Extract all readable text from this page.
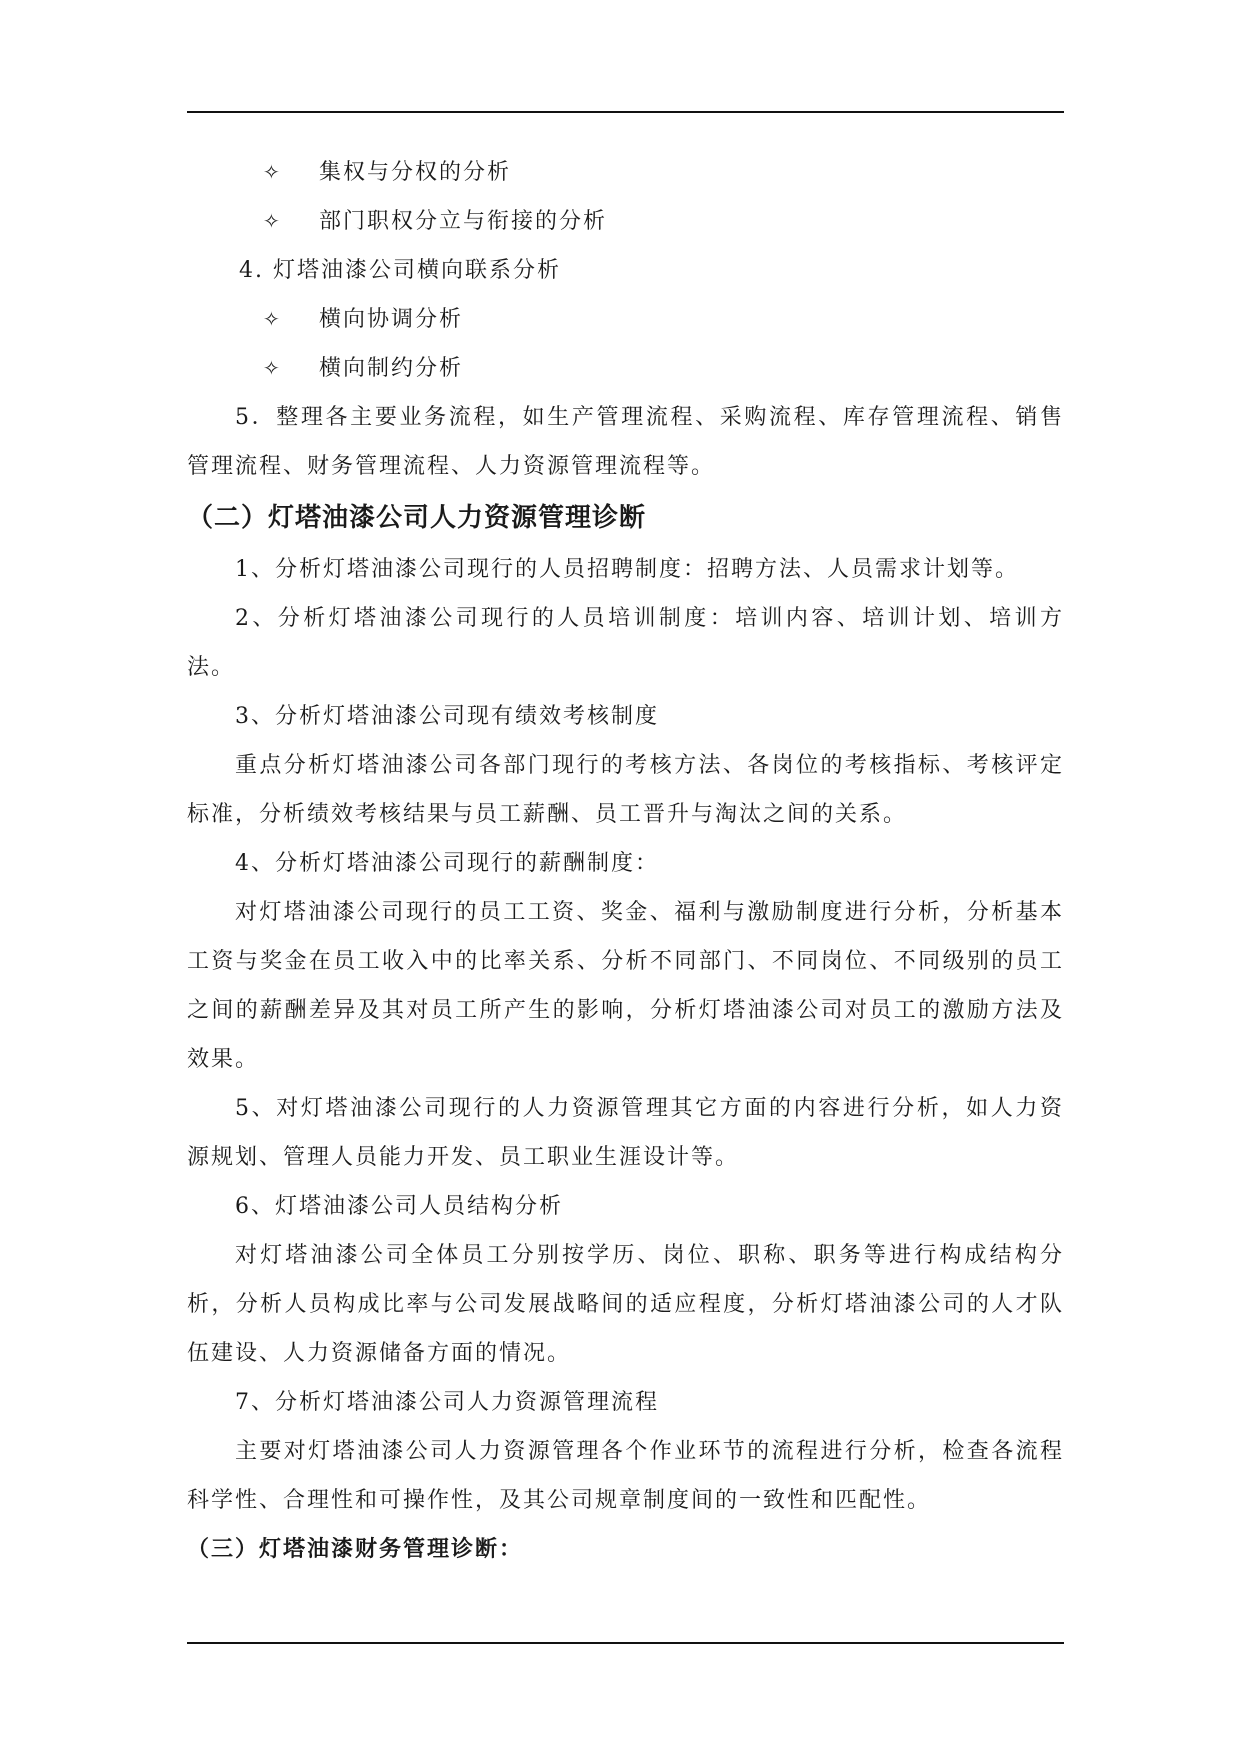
✧	集权与分权的分析
✧	部门职权分立与衔接的分析
4. 灯塔油漆公司横向联系分析
✧	横向协调分析
✧	横向制约分析

5．整理各主要业务流程，如生产管理流程、采购流程、库存管理流程、销售管理流程、财务管理流程、人力资源管理流程等。

（二）灯塔油漆公司人力资源管理诊断
1、分析灯塔油漆公司现行的人员招聘制度：招聘方法、人员需求计划等。

2、分析灯塔油漆公司现行的人员培训制度：培训内容、培训计划、培训方法。

3、分析灯塔油漆公司现有绩效考核制度

重点分析灯塔油漆公司各部门现行的考核方法、各岗位的考核指标、考核评定标准，分析绩效考核结果与员工薪酬、员工晋升与淘汰之间的关系。

4、分析灯塔油漆公司现行的薪酬制度：

对灯塔油漆公司现行的员工工资、奖金、福利与激励制度进行分析，分析基本工资与奖金在员工收入中的比率关系、分析不同部门、不同岗位、不同级别的员工之间的薪酬差异及其对员工所产生的影响，分析灯塔油漆公司对员工的激励方法及效果。

5、对灯塔油漆公司现行的人力资源管理其它方面的内容进行分析，如人力资源规划、管理人员能力开发、员工职业生涯设计等。

6、灯塔油漆公司人员结构分析

对灯塔油漆公司全体员工分别按学历、岗位、职称、职务等进行构成结构分析，分析人员构成比率与公司发展战略间的适应程度，分析灯塔油漆公司的人才队伍建设、人力资源储备方面的情况。

7、分析灯塔油漆公司人力资源管理流程

主要对灯塔油漆公司人力资源管理各个作业环节的流程进行分析，检查各流程科学性、合理性和可操作性，及其公司规章制度间的一致性和匹配性。

（三）灯塔油漆财务管理诊断：
